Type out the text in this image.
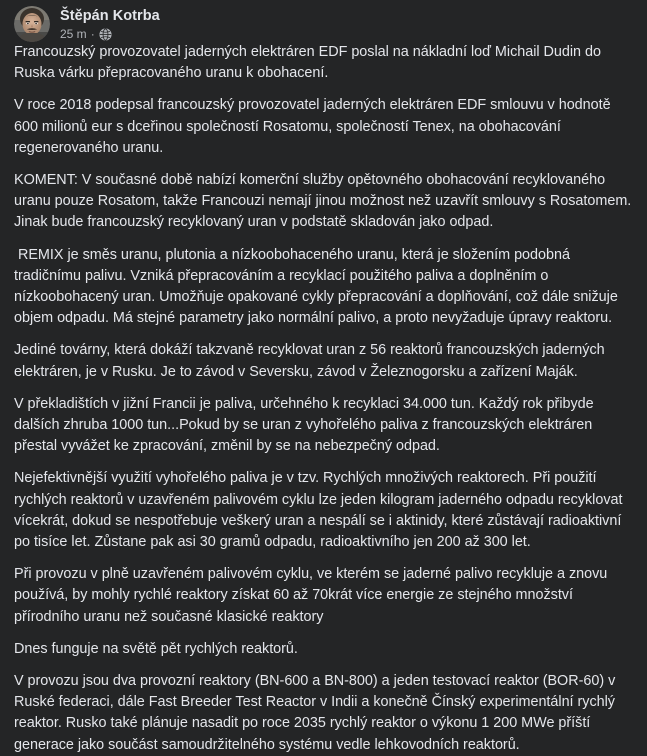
Štěpán Kotrba
25 m ·

Francouzský provozovatel jaderných elektráren EDF poslal na nákladní loď Michail Dudin do Ruska várku přepracovaného uranu k obohacení.

V roce 2018 podepsal francouzský provozovatel jaderných elektráren EDF smlouvu v hodnotě 600 milionů eur s dceřinou společností Rosatomu, společností Tenex, na obohacování regenerovaného uranu.

KOMENT: V současné době nabízí komerční služby opětovného obohacování recyklovaného uranu pouze Rosatom, takže Francouzi nemají jinou možnost než uzavřít smlouvy s Rosatomem. Jinak bude francouzský recyklovaný uran v podstatě skladován jako odpad.

REMIX je směs uranu, plutonia a nízkoobohaceného uranu, která je složením podobná tradičnímu palivu. Vzniká přepracováním a recyklací použitého paliva a doplněním o nízkoobohacený uran. Umožňuje opakované cykly přepracování a doplňování, což dále snižuje objem odpadu. Má stejné parametry jako normální palivo, a proto nevyžaduje úpravy reaktoru.

Jediné továrny, která dokáží takzvaně recyklovat uran z 56 reaktorů francouzských jaderných elektráren, je v Rusku. Je to závod v Seversku, závod v Železnogorsku a zařízení Maják.

V překladištích v jižní Francii je paliva, určehného k recyklaci 34.000 tun. Každý rok přibyde dalších zhruba 1000 tun...Pokud by se uran z vyhořelého paliva z francouzských elektráren přestal vyvážet ke zpracování, změnil by se na nebezpečný odpad.

Nejefektivnější využití vyhořelého paliva je v tzv. Rychlých množivých reaktorech. Při použití rychlých reaktorů v uzavřeném palivovém cyklu lze jeden kilogram jaderného odpadu recyklovat vícekrát, dokud se nespotřebuje veškerý uran a nespálí se i aktinidy, které zůstávají radioaktivní po tisíce let. Zůstane pak asi 30 gramů odpadu, radioaktivního jen 200 až 300 let.

Při provozu v plně uzavřeném palivovém cyklu, ve kterém se jaderné palivo recykluje a znovu používá, by mohly rychlé reaktory získat 60 až 70krát více energie ze stejného množství přírodního uranu než současné klasické reaktory

Dnes funguje na světě pět rychlých reaktorů.

V provozu jsou dva provozní reaktory (BN-600 a BN-800) a jeden testovací reaktor (BOR-60) v Ruské federaci, dále Fast Breeder Test Reactor v Indii a konečně Čínský experimentální rychlý reaktor. Rusko také plánuje nasadit po roce 2035 rychlý reaktor o výkonu 1 200 MWe příští generace jako součást samoudržitelného systému vedle lehkovodních reaktorů.
